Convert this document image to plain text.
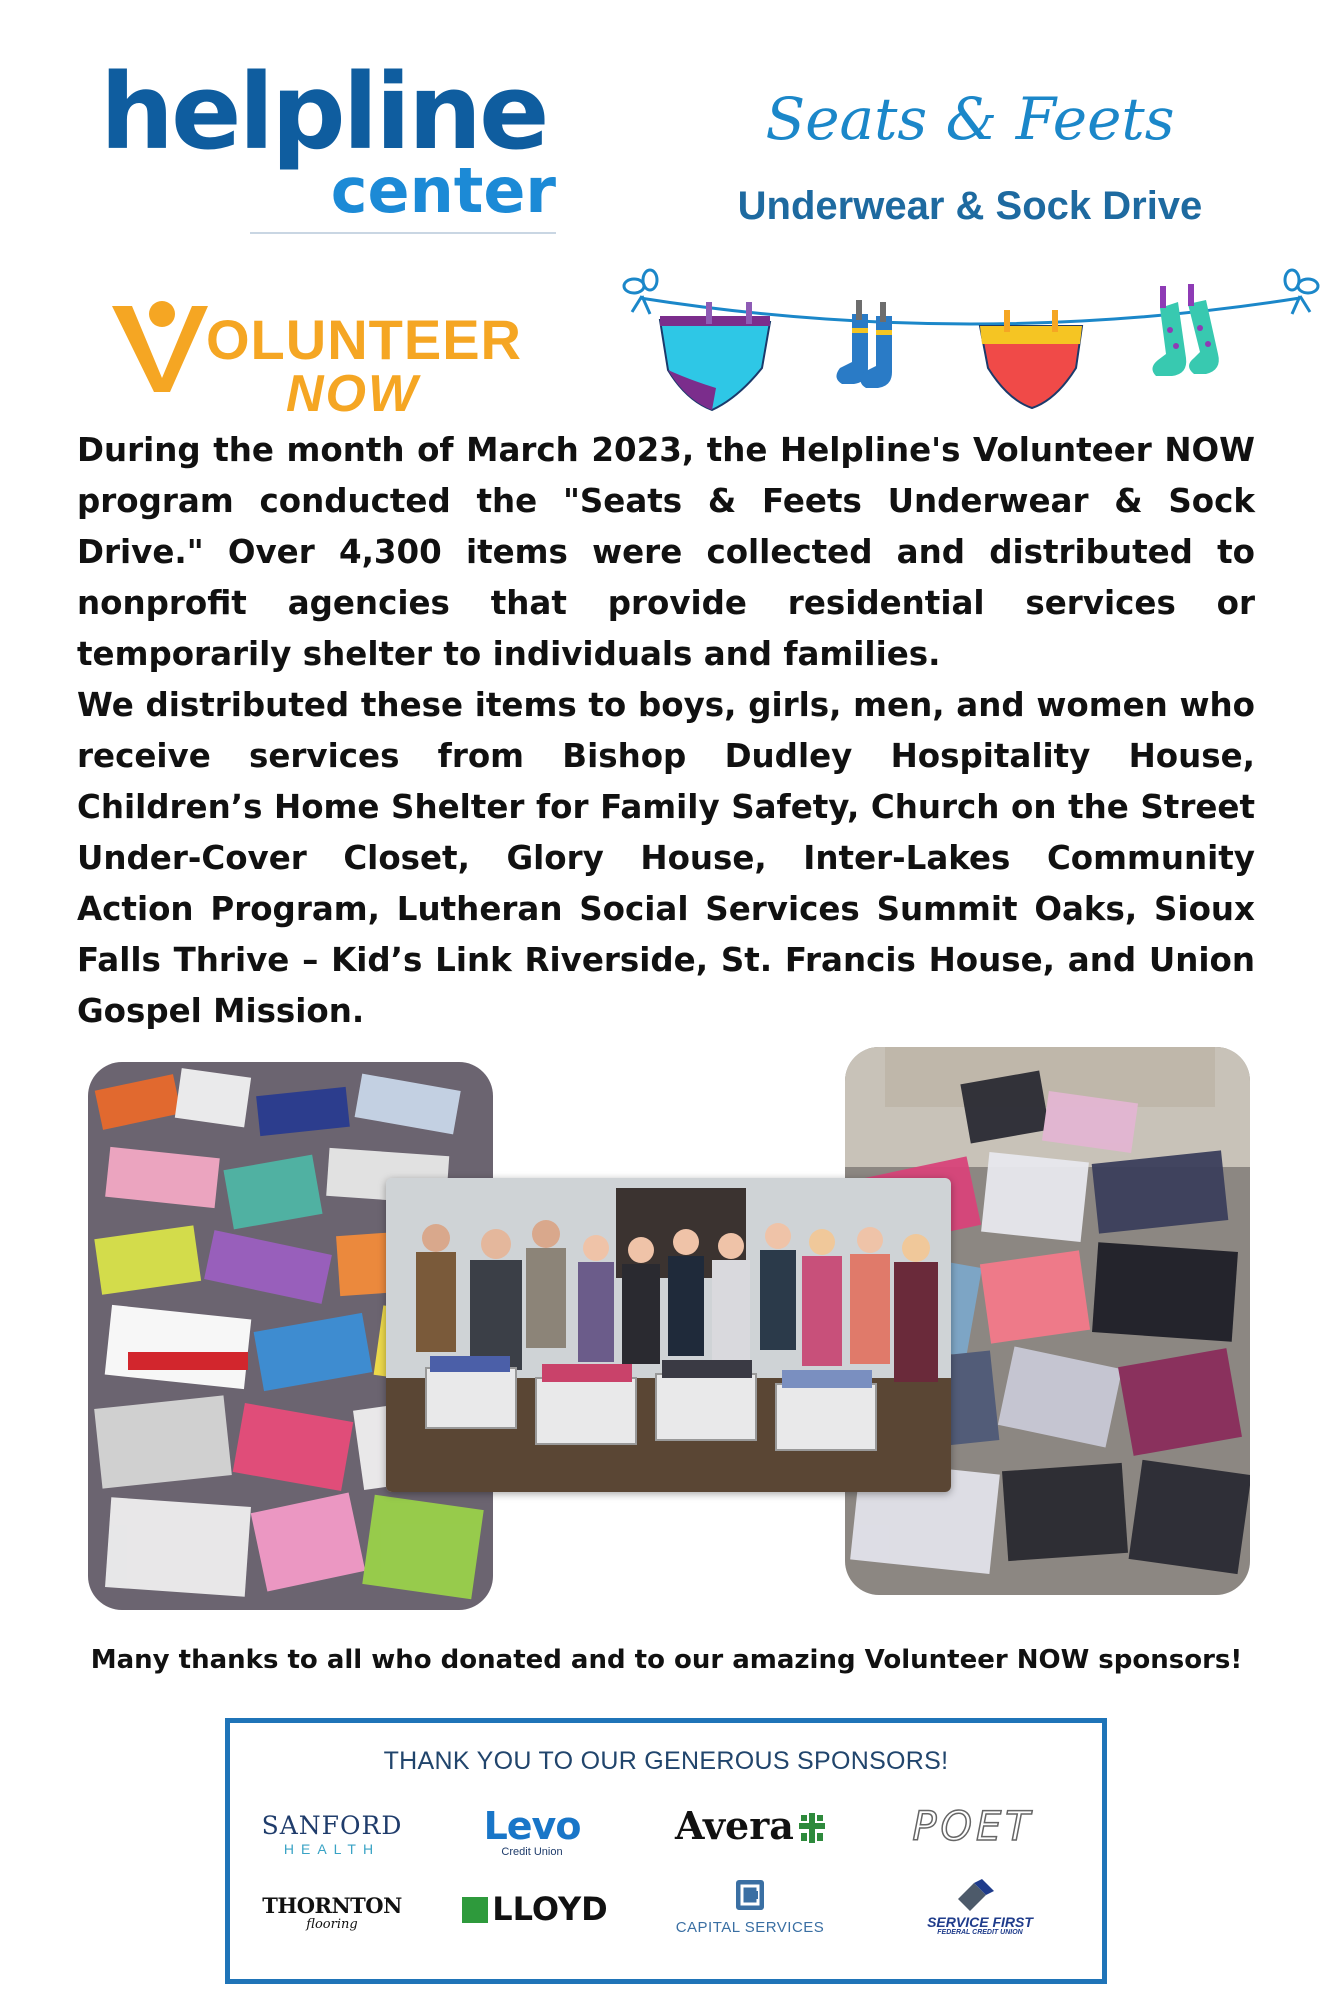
helpline
center
OLUNTEER
NOW
Seats & Feets
Underwear & Sock Drive

During the month of March 2023, the Helpline's Volunteer NOW program conducted the "Seats & Feets Underwear & Sock Drive." Over 4,300 items were collected and distributed to nonprofit agencies that provide residential services or temporarily shelter to individuals and families.

We distributed these items to boys, girls, men, and women who receive services from Bishop Dudley Hospitality House, Children’s Home Shelter for Family Safety, Church on the Street Under-Cover Closet, Glory House, Inter-Lakes Community Action Program, Lutheran Social Services Summit Oaks, Sioux Falls Thrive – Kid’s Link Riverside, St. Francis House, and Union Gospel Mission.

Many thanks to all who donated and to our amazing Volunteer NOW sponsors!
THANK YOU TO OUR GENEROUS SPONSORS!
SANFORD
HEALTH
Levo
Credit Union
Avera	POET
THORNTON
flooring	LLOYD	CAPITAL SERVICES	SERVICE FIRST
FEDERAL CREDIT UNION
